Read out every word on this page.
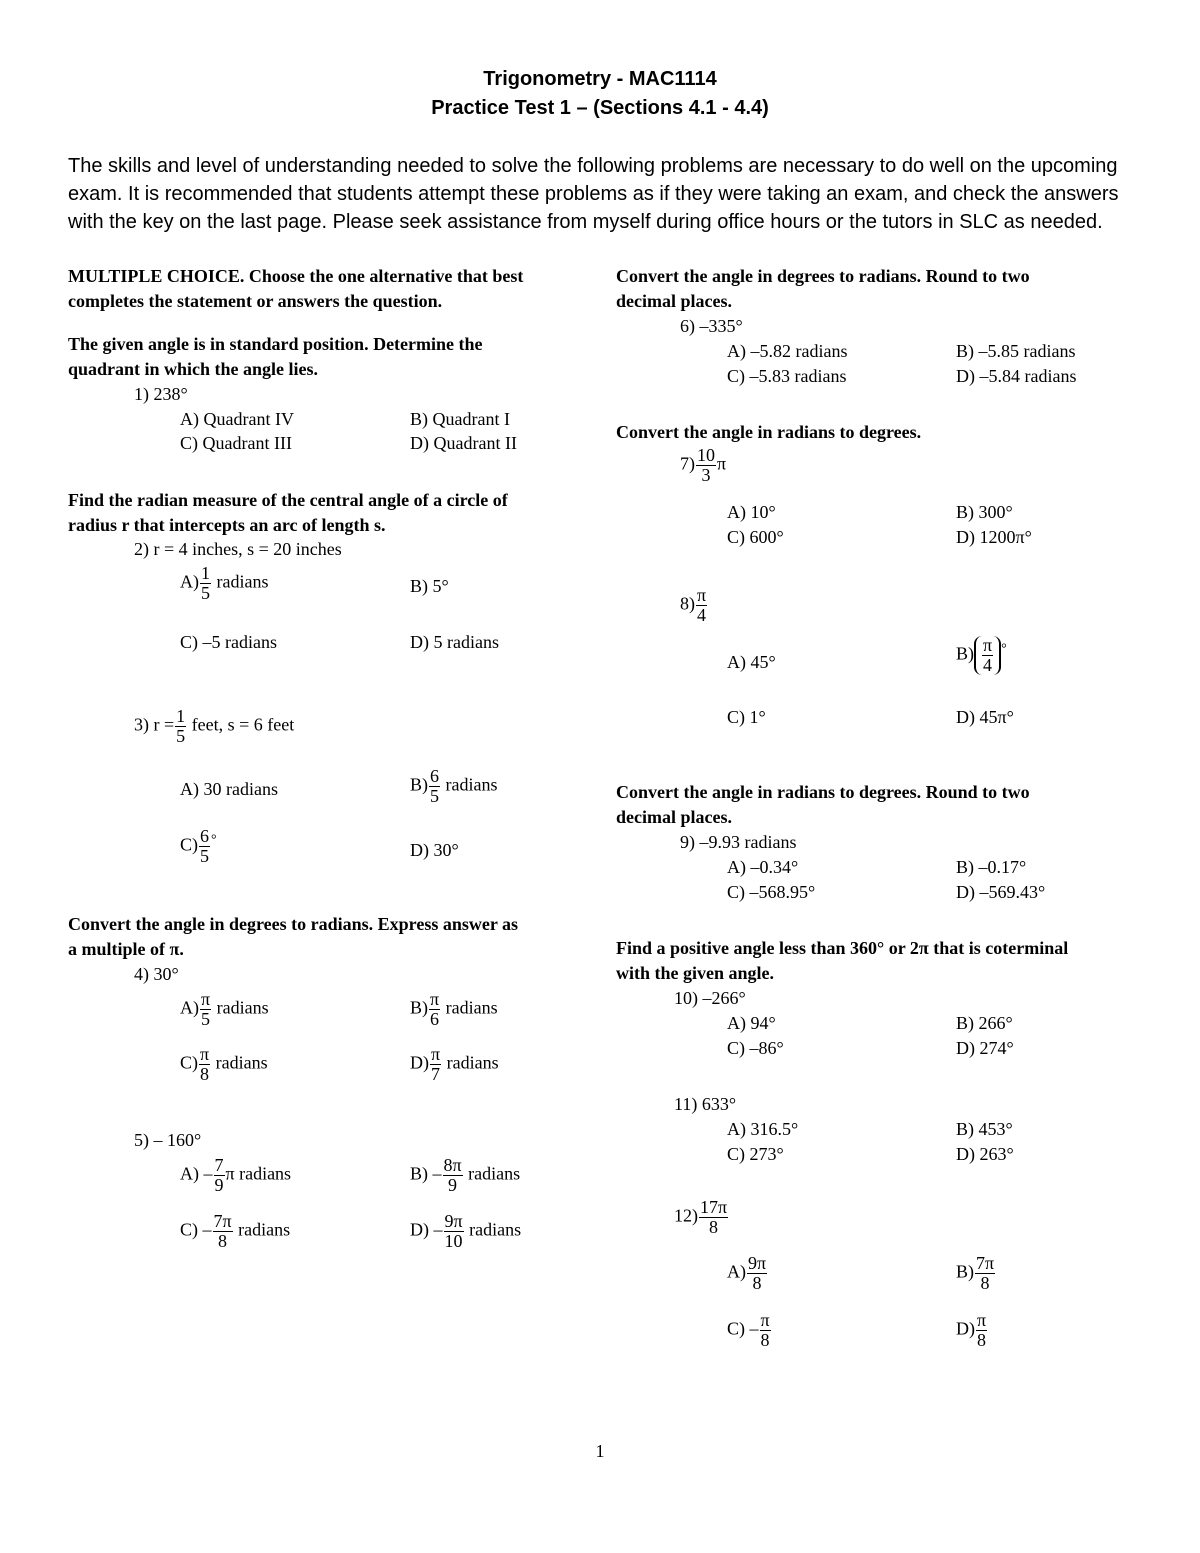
Trigonometry - MAC1114
Practice Test 1 – (Sections 4.1 - 4.4)
The skills and level of understanding needed to solve the following problems are necessary to do well on the upcoming exam. It is recommended that students attempt these problems as if they were taking an exam, and check the answers with the key on the last page. Please seek assistance from myself during office hours or the tutors in SLC as needed.
MULTIPLE CHOICE. Choose the one alternative that best
completes the statement or answers the question.
The given angle is in standard position. Determine the
quadrant in which the angle lies.
1) 238°
A) Quadrant IV	B) Quadrant I
C) Quadrant III	D) Quadrant II
Find the radian measure of the central angle of a circle of
radius r that intercepts an arc of length s.
2) r = 4 inches, s = 20 inches
$A) \frac{1}{5}$ radians	B) 5°
C) –5 radians	D) 5 radians
3) $r = \frac{1}{5}$ feet, s = 6 feet
A) 30 radians	$B) \frac{6}{5}$ radians
$C) \frac{6}{5} ^\circ$	D) 30°
Convert the angle in degrees to radians. Express answer as
a multiple of π.
4) 30°
$A) \frac{\pi}{5}$ radians	$B) \frac{\pi}{6}$ radians
$C) \frac{\pi}{8}$ radians	$D) \frac{\pi}{7}$ radians
5) – 160°
$A) - \frac{7}{9}$ π radians	$B) - \frac{8\pi}{9}$ radians
$C) - \frac{7\pi}{8}$ radians	$D) - \frac{9\pi}{10}$ radians
Convert the angle in degrees to radians. Round to two
decimal places.
6) –335°
A) –5.82 radians	B) –5.85 radians
C) –5.83 radians	D) –5.84 radians
Convert the angle in radians to degrees.
$7) \frac{10}{3}$ π
A) 10°	B) 300°
C) 600°	D) 1200π°
$8) \frac{\pi}{4}$
A) 45°	$B) \frac{\pi}{4} ^\circ$
C) 1°	D) 45π°
Convert the angle in radians to degrees. Round to two
decimal places.
9) –9.93 radians
A) –0.34°	B) –0.17°
C) –568.95°	D) –569.43°
Find a positive angle less than 360° or 2π that is coterminal
with the given angle.
10) –266°
A) 94°	B) 266°
C) –86°	D) 274°
11) 633°
A) 316.5°	B) 453°
C) 273°	D) 263°
$12) \frac{17\pi}{8}$
$A) \frac{9\pi}{8}$	$B) \frac{7\pi}{8}$
$C) - \frac{\pi}{8}$	$D) \frac{\pi}{8}$
1
